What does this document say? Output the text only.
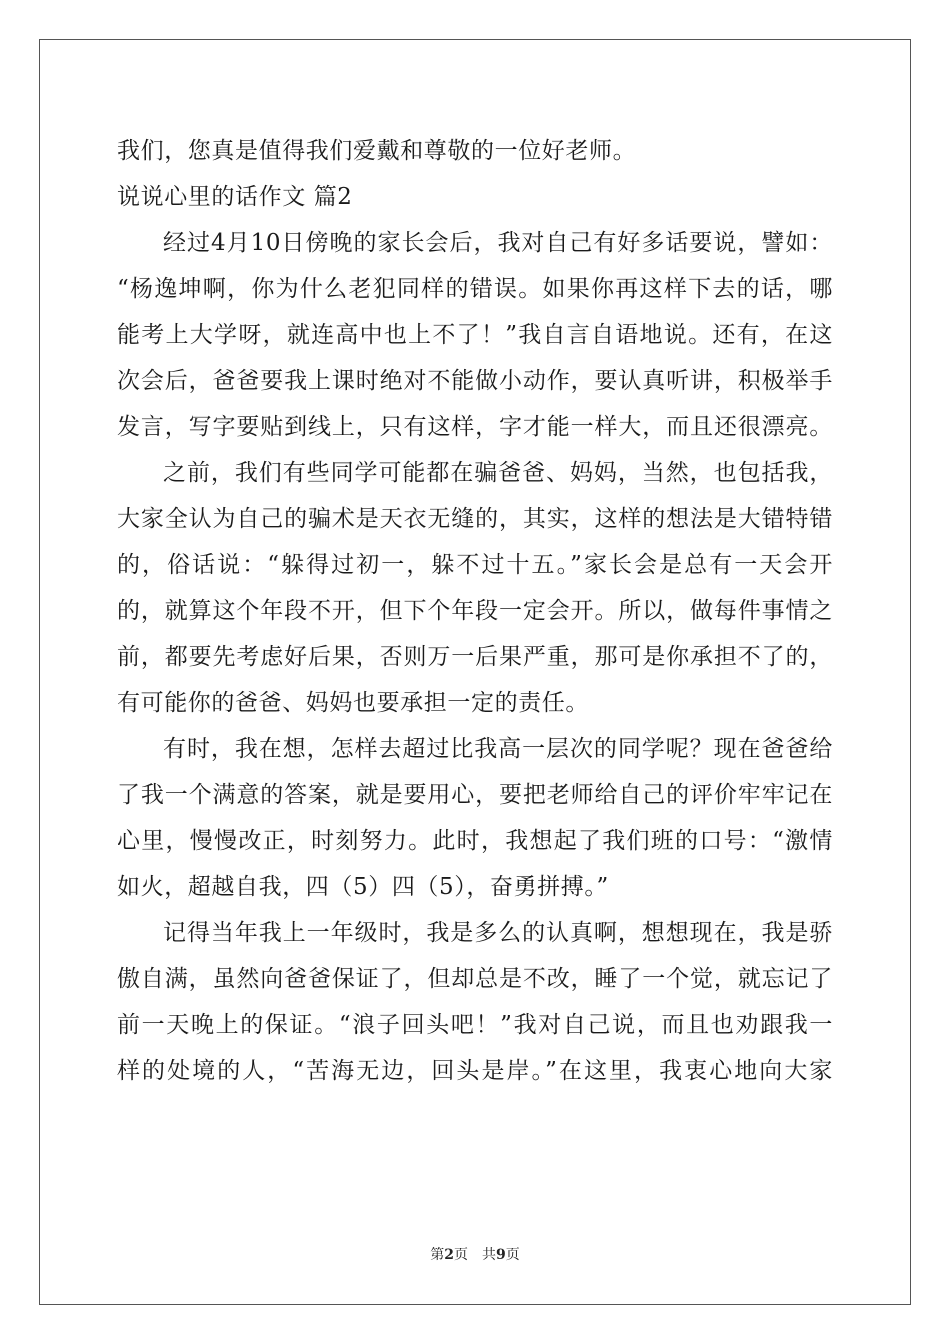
我们，您真是值得我们爱戴和尊敬的一位好老师。
说说心里的话作文 篇2
经过4月10日傍晚的家长会后，我对自己有好多话要说，譬如：
“杨逸坤啊，你为什么老犯同样的错误。如果你再这样下去的话，哪
能考上大学呀，就连高中也上不了！”我自言自语地说。还有，在这
次会后，爸爸要我上课时绝对不能做小动作，要认真听讲，积极举手
发言，写字要贴到线上，只有这样，字才能一样大，而且还很漂亮。
之前，我们有些同学可能都在骗爸爸、妈妈，当然，也包括我，
大家全认为自己的骗术是天衣无缝的，其实，这样的想法是大错特错
的，俗话说：“躲得过初一，躲不过十五。”家长会是总有一天会开
的，就算这个年段不开，但下个年段一定会开。所以，做每件事情之
前，都要先考虑好后果，否则万一后果严重，那可是你承担不了的，
有可能你的爸爸、妈妈也要承担一定的责任。
有时，我在想，怎样去超过比我高一层次的同学呢？现在爸爸给
了我一个满意的答案，就是要用心，要把老师给自己的评价牢牢记在
心里，慢慢改正，时刻努力。此时，我想起了我们班的口号：“激情
如火，超越自我，四（5）四（5），奋勇拼搏。”
记得当年我上一年级时，我是多么的认真啊，想想现在，我是骄
傲自满，虽然向爸爸保证了，但却总是不改，睡了一个觉，就忘记了
前一天晚上的保证。“浪子回头吧！”我对自己说，而且也劝跟我一
样的处境的人，“苦海无边，回头是岸。”在这里，我衷心地向大家
第2页　共9页
